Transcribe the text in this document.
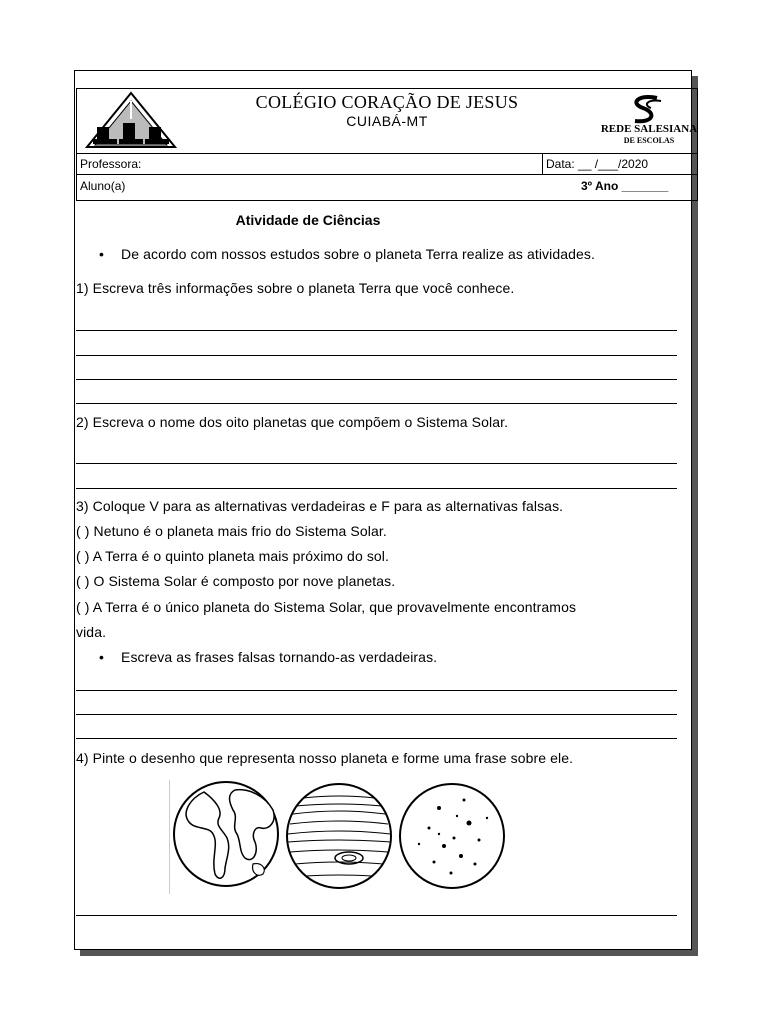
COLÉGIO CORAÇÃO DE JESUS
CUIABÁ-MT	REDE SALESIANA
DE ESCOLAS
Professora:	Data: __ /___/2020
Aluno(a)	3º Ano _______
Atividade de Ciências
• De acordo com nossos estudos sobre o planeta Terra realize as atividades.
1) Escreva três informações sobre o planeta Terra que você conhece.
2) Escreva o nome dos oito planetas que compõem o Sistema Solar.
3) Coloque V para as alternativas verdadeiras e F para as alternativas falsas.
( ) Netuno é o planeta mais frio do Sistema Solar.
( ) A Terra é o quinto planeta mais próximo do sol.
( ) O Sistema Solar é composto por nove planetas.
( ) A Terra é o único planeta do Sistema Solar, que provavelmente encontramos
vida.
• Escreva as frases falsas tornando-as verdadeiras.
4) Pinte o desenho que representa nosso planeta e forme uma frase sobre ele.
